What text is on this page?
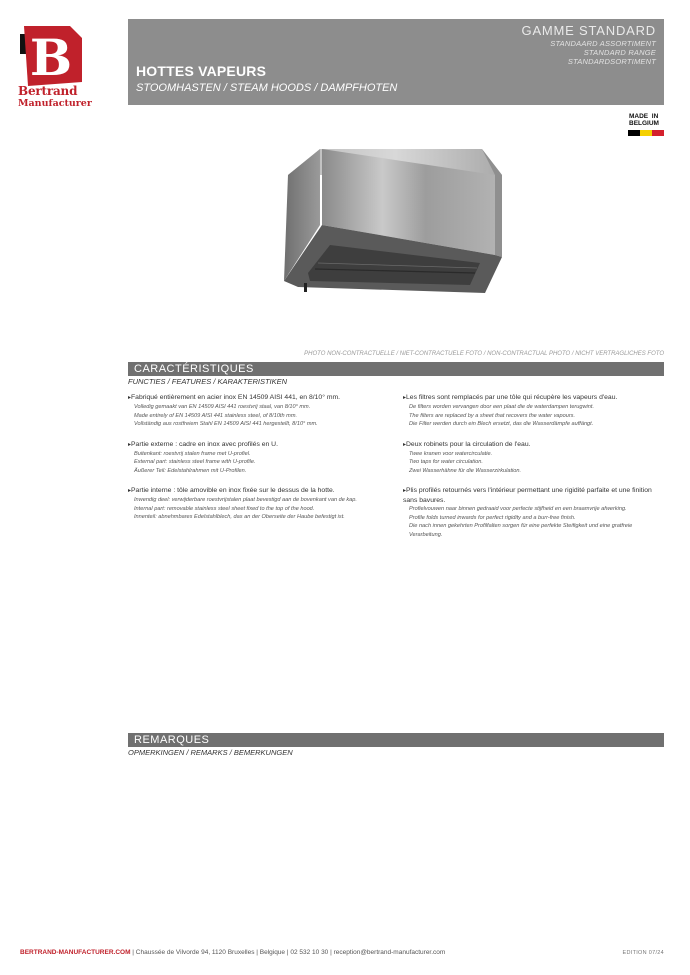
B
Bertrand
Manufacturer
GAMME STANDARD
STANDAARD ASSORTIMENT
STANDARD RANGE
STANDARDSORTIMENT
HOTTES VAPEURS
STOOMHASTEN / STEAM HOODS / DAMPFHOTEN
MADE IN
BELGIUM
PHOTO NON-CONTRACTUELLE / NIET-CONTRACTUELE FOTO / NON-CONTRACTUAL PHOTO / NICHT VERTRAGLICHES FOTO
CARACTÉRISTIQUES
FUNCTIES / FEATURES / KARAKTERISTIKEN
▸ Fabriqué entièrement en acier inox EN 14509 AISI 441, en 8/10° mm.
Volledig gemaakt van EN 14509 AISI 441 roestvrij staal, van 8/10° mm.
Made entirely of EN 14509 AISI 441 stainless steel, of 8/10th mm.
Vollständig aus rostfreiem Stahl EN 14509 AISI 441 hergestellt, 8/10° mm.
▸ Partie externe : cadre en inox avec profilés en U.
Buitenkant: roestvrij stalen frame met U-profiel.
External part: stainless steel frame with U-profile.
Äußerer Teil: Edelstahlrahmen mit U-Profilen.
▸ Partie interne : tôle amovible en inox fixée sur le dessus de la hotte.
Inwendig deel: verwijderbare roestvrijstalen plaat bevestigd aan de bovenkant van de kap.
Internal part: removable stainless steel sheet fixed to the top of the hood.
Innenteil: abnehmbares Edelstahlblech, das an der Oberseite der Haube befestigt ist.
▸ Les filtres sont remplacés par une tôle qui récupère les vapeurs d'eau.
De filters worden vervangen door een plaat die de waterdampen terugwint.
The filters are replaced by a sheet that recovers the water vapours.
Die Filter werden durch ein Blech ersetzt, das die Wasserdämpfe auffängt.
▸ Deux robinets pour la circulation de l'eau.
Twee kranen voor watercirculatie.
Two taps for water circulation.
Zwei Wasserhähne für die Wasserzirkulation.
▸ Plis profilés retournés vers l'intérieur permettant une rigidité parfaite et une finition sans bavures.
Profielvouwen naar binnen gedraaid voor perfecte stijfheid en een braamvrije afwerking.
Profile folds turned inwards for perfect rigidity and a burr-free finish.
Die nach innen gekehrten Profilfalten sorgen für eine perfekte Steifigkeit und eine gratfreie Verarbeitung.
REMARQUES
OPMERKINGEN / REMARKS / BEMERKUNGEN
BERTRAND-MANUFACTURER.COM | Chaussée de Vilvorde 94, 1120 Bruxelles | Belgique | 02 532 10 30 | reception@bertrand-manufacturer.com	EDITION 07/24
